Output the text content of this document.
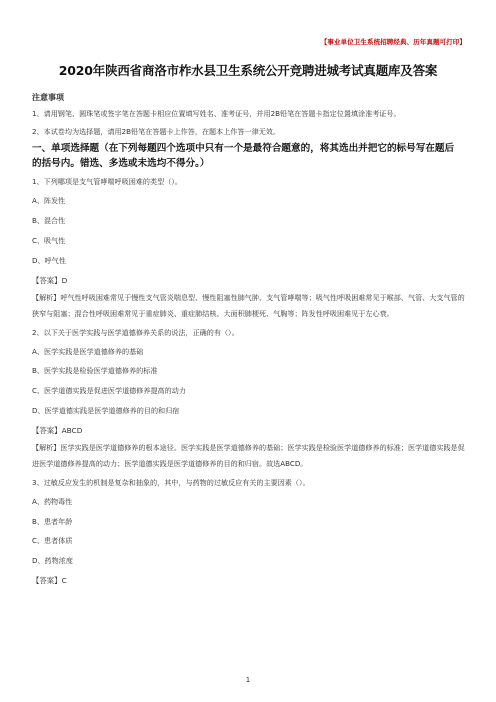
【事业单位卫生系统招聘经典、历年真题可打印】
2020年陕西省商洛市柞水县卫生系统公开竞聘进城考试真题库及答案
注意事项
1、请用钢笔、圆珠笔或签字笔在答题卡相应位置填写姓名、准考证号，并用2B铅笔在答题卡指定位置填涂准考证号。
2、本试卷均为选择题，请用2B铅笔在答题卡上作答，在题本上作答一律无效。
一、单项选择题（在下列每题四个选项中只有一个是最符合题意的，将其选出并把它的标号写在题后
的括号内。错选、多选或未选均不得分。）
1、下列哪项是支气管哮喘呼吸困难的类型（）。
A、阵发性
B、混合性
C、吸气性
D、呼气性
【答案】D
【解析】呼气性呼吸困难常见于慢性支气管炎喘息型、慢性阻塞性肺气肿、支气管哮喘等；吸气性呼吸困难常见于喉部、气管、大支气管的狭窄与阻塞；混合性呼吸困难常见于重症肺炎、重症肺结核、大面积肺梗死、气胸等；阵发性呼吸困难见于左心衰。
2、以下关于医学实践与医学道德修养关系的说法，正确的有（）。
A、医学实践是医学道德修养的基础
B、医学实践是检验医学道德修养的标准
C、医学道德实践是促进医学道德修养提高的动力
D、医学道德实践是医学道德修养的目的和归宿
【答案】ABCD
【解析】医学实践是医学道德修养的根本途径。医学实践是医学道德修养的基础；医学实践是检验医学道德修养的标准；医学道德实践是促进医学道德修养提高的动力；医学道德实践是医学道德修养的目的和归宿。故选ABCD。
3、过敏反应发生的机制是复杂和抽象的，其中，与药物的过敏反应有关的主要因素（）。
A、药物毒性
B、患者年龄
C、患者体质
D、药物浓度
【答案】C
1
